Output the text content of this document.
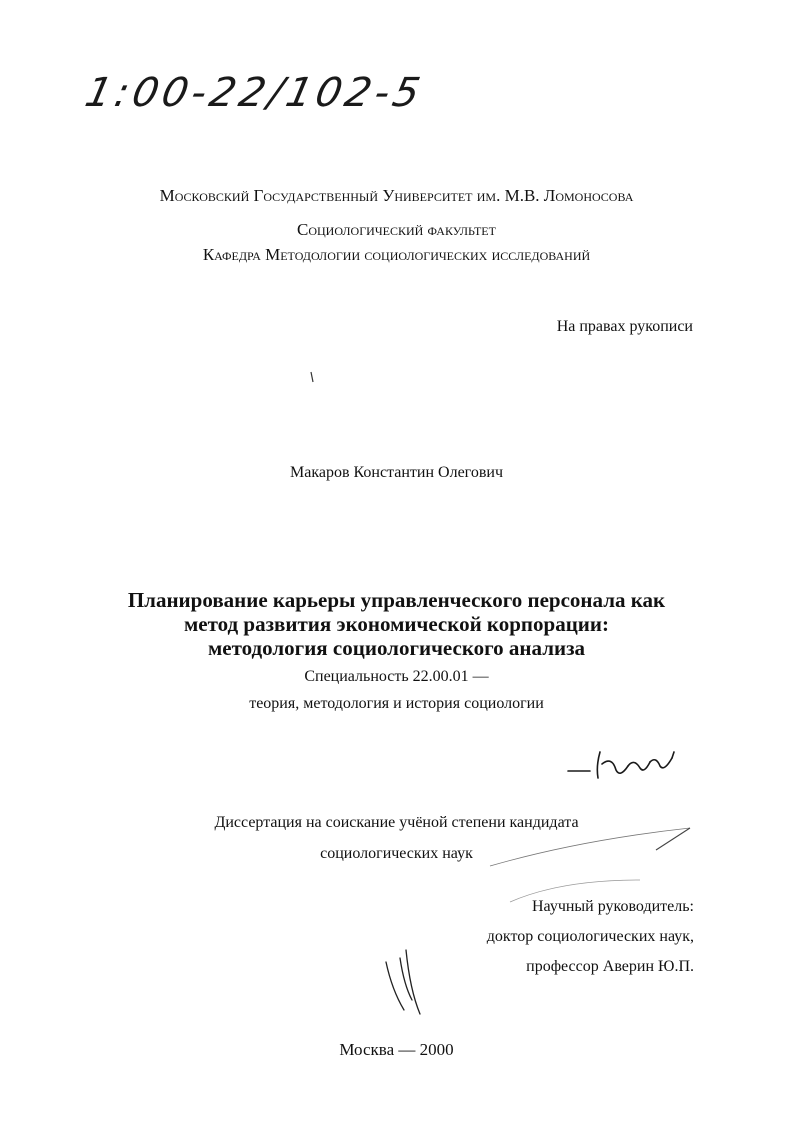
1:00-22/102-5
Московский Государственный Университет им. М.В. Ломоносова
Социологический факультет
Кафедра Методологии социологических исследований
На правах рукописи
Макаров Константин Олегович
Планирование карьеры управленческого персонала как
метод развития экономической корпорации:
методология социологического анализа
Специальность 22.00.01 —
теория, методология и история социологии
Диссертация на соискание учёной степени кандидата
социологических наук
Научный руководитель:
доктор социологических наук,
профессор Аверин Ю.П.
Москва — 2000
